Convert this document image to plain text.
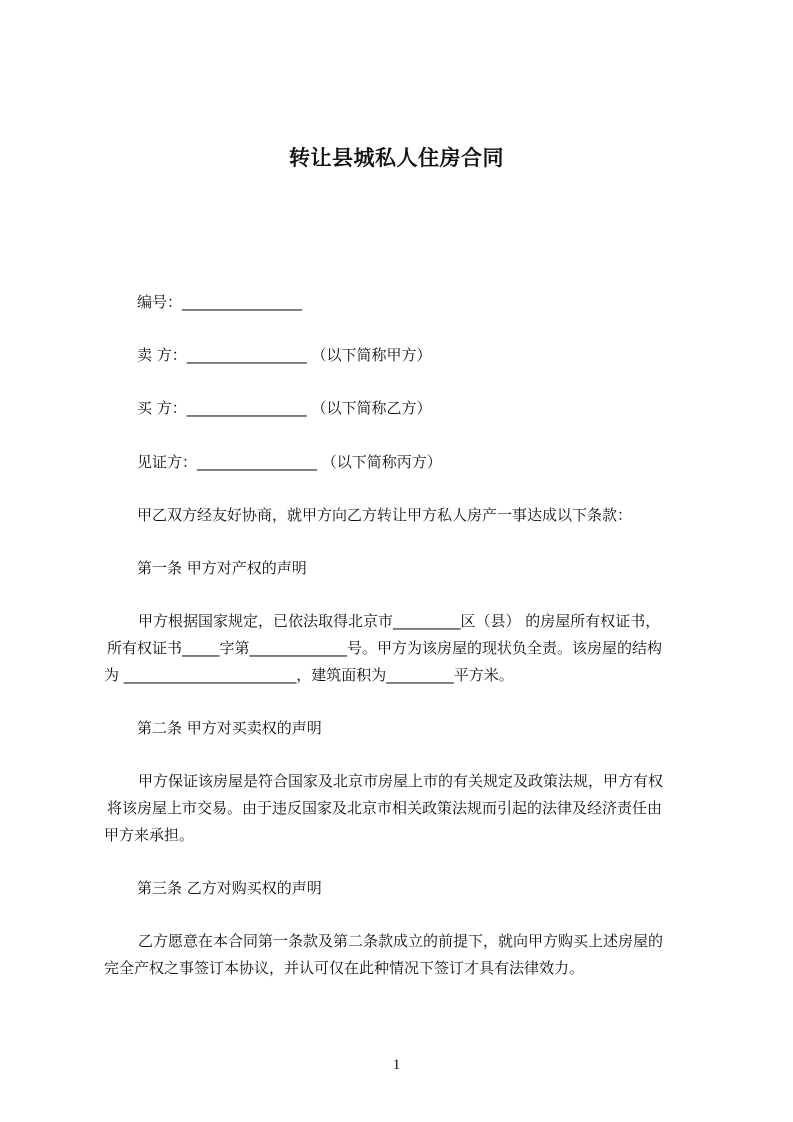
转让县城私人住房合同
编号：________________
卖 方：________________ （以下简称甲方）
买 方：________________ （以下简称乙方）
见证方：________________ （以下简称丙方）
甲乙双方经友好协商，就甲方向乙方转让甲方私人房产一事达成以下条款：
第一条 甲方对产权的声明
甲方根据国家规定，已依法取得北京市_________区（县） 的房屋所有权证书，
所有权证书_____字第_____________号。甲方为该房屋的现状负全责。该房屋的结构
为 _______________________，建筑面积为_________平方米。
第二条 甲方对买卖权的声明
甲方保证该房屋是符合国家及北京市房屋上市的有关规定及政策法规，甲方有权
将该房屋上市交易。由于违反国家及北京市相关政策法规而引起的法律及经济责任由
甲方来承担。
第三条 乙方对购买权的声明
乙方愿意在本合同第一条款及第二条款成立的前提下，就向甲方购买上述房屋的
完全产权之事签订本协议，并认可仅在此种情况下签订才具有法律效力。
1
